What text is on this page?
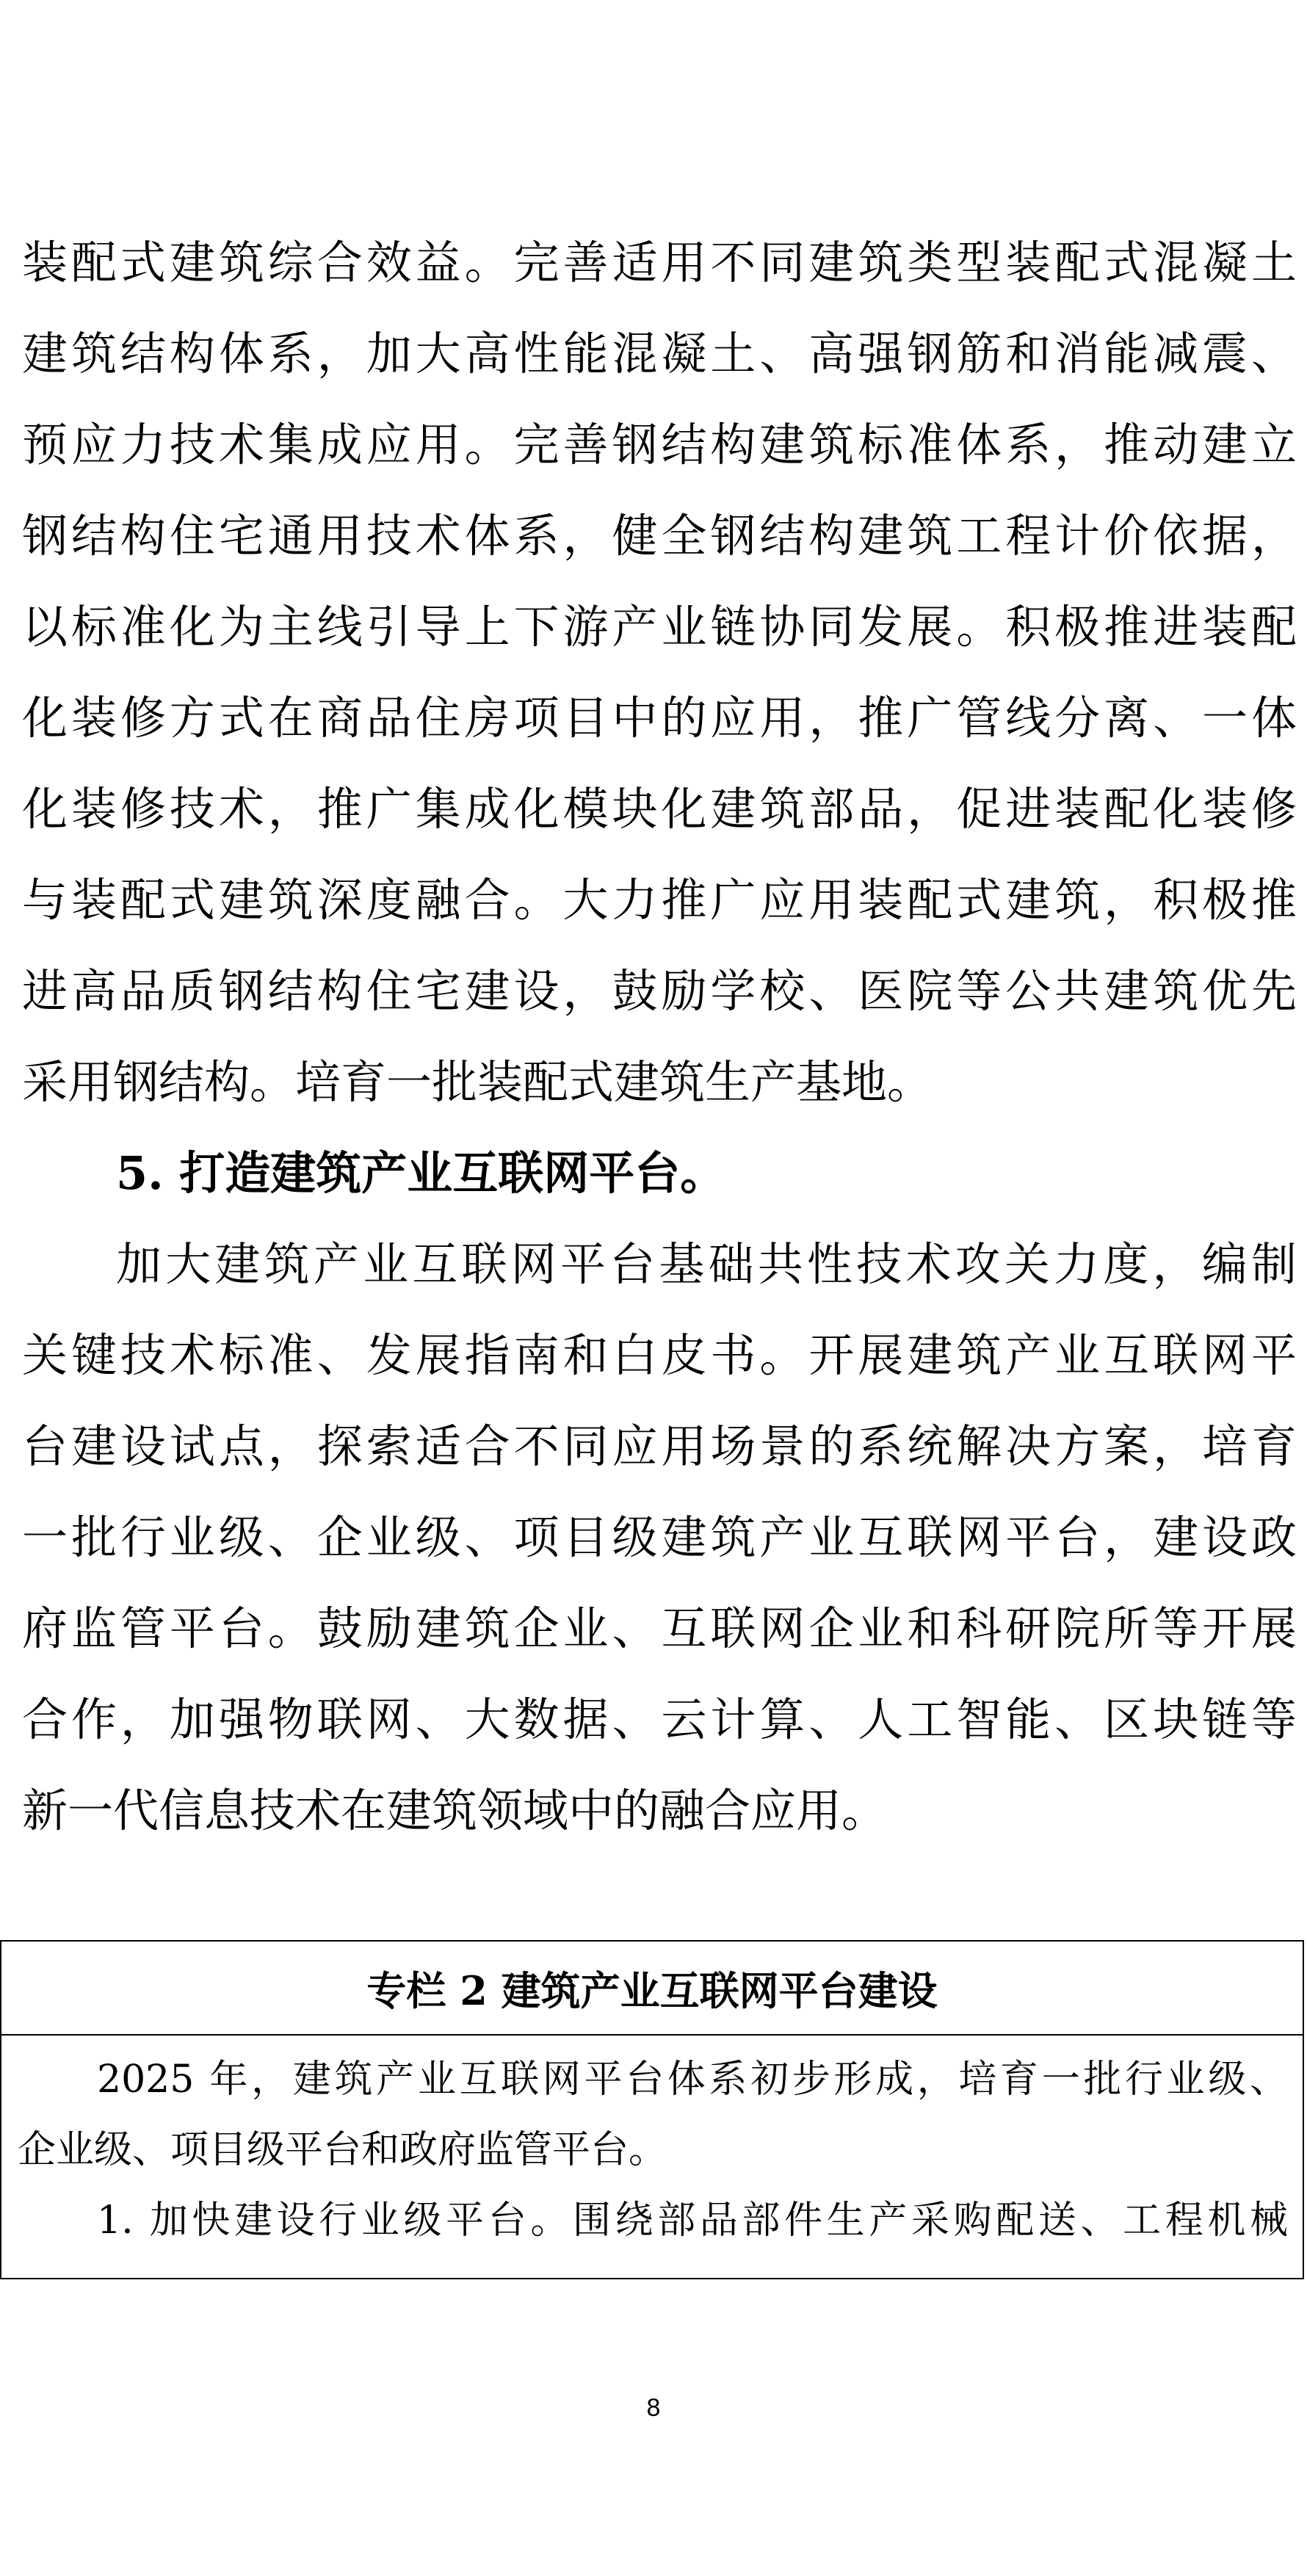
装配式建筑综合效益。完善适用不同建筑类型装配式混凝土
建筑结构体系，加大高性能混凝土、高强钢筋和消能减震、
预应力技术集成应用。完善钢结构建筑标准体系，推动建立
钢结构住宅通用技术体系，健全钢结构建筑工程计价依据，
以标准化为主线引导上下游产业链协同发展。积极推进装配
化装修方式在商品住房项目中的应用，推广管线分离、一体
化装修技术，推广集成化模块化建筑部品，促进装配化装修
与装配式建筑深度融合。大力推广应用装配式建筑，积极推
进高品质钢结构住宅建设，鼓励学校、医院等公共建筑优先
采用钢结构。培育一批装配式建筑生产基地。
5. 打造建筑产业互联网平台。
加大建筑产业互联网平台基础共性技术攻关力度，编制
关键技术标准、发展指南和白皮书。开展建筑产业互联网平
台建设试点，探索适合不同应用场景的系统解决方案，培育
一批行业级、企业级、项目级建筑产业互联网平台，建设政
府监管平台。鼓励建筑企业、互联网企业和科研院所等开展
合作，加强物联网、大数据、云计算、人工智能、区块链等
新一代信息技术在建筑领域中的融合应用。
专栏 2 建筑产业互联网平台建设
2025 年，建筑产业互联网平台体系初步形成，培育一批行业级、
企业级、项目级平台和政府监管平台。
1. 加快建设行业级平台。围绕部品部件生产采购配送、工程机械
8
